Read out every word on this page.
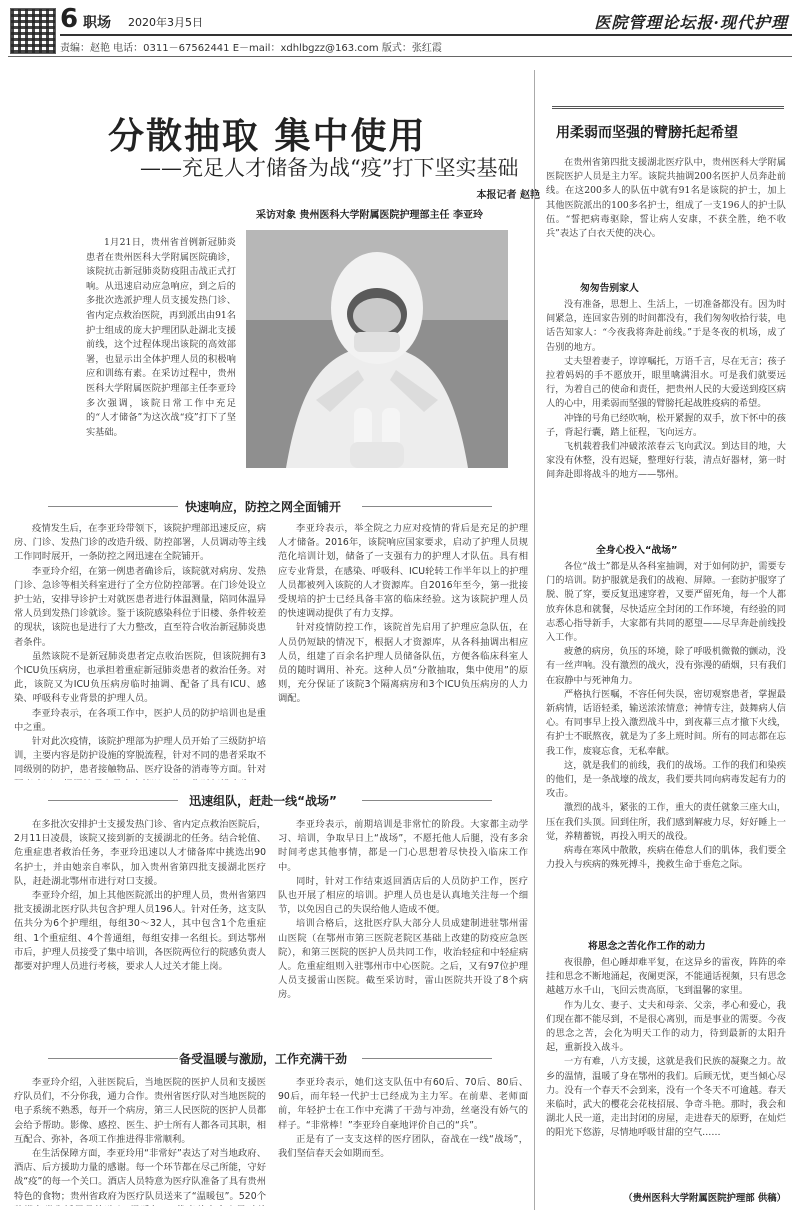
6 职场 2020年3月5日	医院管理论坛报·现代护理
责编：赵艳 电话：0311－67562441 E－mail：xdhlbgzz@163.com 版式：张红霞
分散抽取 集中使用
——充足人才储备为战“疫”打下坚实基础
本报记者 赵艳
采访对象 贵州医科大学附属医院护理部主任 李亚玲
1月21日，贵州省首例新冠肺炎患者在贵州医科大学附属医院确诊，该院抗击新冠肺炎防疫阻击战正式打响。从迅速启动应急响应，到之后的多批次选派护理人员支援发热门诊、省内定点救治医院，再到派出由91名护士组成的庞大护理团队赴湖北支援前线，这个过程体现出该院的高效部署，也显示出全体护理人员的积极响应和训练有素。在采访过程中，贵州医科大学附属医院护理部主任李亚玲多次强调，该院日常工作中充足的“人才储备”为这次战“疫”打下了坚实基础。
快速响应，防控之网全面铺开

疫情发生后，在李亚玲带领下，该院护理部迅速反应，病房、门诊、发热门诊的改造升级、防控部署，人员调动等主线工作同时展开，一条防控之网迅速在全院铺开。

李亚玲介绍，在第一例患者确诊后，该院就对病房、发热门诊、急诊等相关科室进行了全方位防控部署。在门诊处设立护士站，安排导诊护士对就医患者进行体温测量，陪同体温异常人员到发热门诊就诊。鉴于该院感染科位于旧楼、条件较差的现状，该院也是进行了大力整改，直至符合收治新冠肺炎患者条件。

虽然该院不是新冠肺炎患者定点收治医院，但该院拥有3个ICU负压病房，也承担着重症新冠肺炎患者的救治任务。对此，该院又为ICU负压病房临时抽调、配备了具有ICU、感染、呼吸科专业背景的护理人员。

李亚玲表示，在各项工作中，医护人员的防护培训也是重中之重。

针对此次疫情，该院护理部为护理人员开始了三级防护培训，主要内容是防护设施的穿脱流程，针对不同的患者采取不同级别的防护，患者接触物品、医疗设备的消毒等方面。针对

李亚玲表示，举全院之力应对疫情的背后是充足的护理人才储备。2016年，该院响应国家要求，启动了护理人员规范化培训计划，储备了一支强有力的护理人才队伍。具有相应专业背景，在感染、呼吸科、ICU轮转工作半年以上的护理人员都被列入该院的人才资源库。自2016年至今，第一批接受规培的护士已经具备丰富的临床经验。这为该院护理人员的快速调动提供了有力支撑。

针对疫情防控工作，该院首先启用了护理应急队伍，在人员仍短缺的情况下，根据人才资源库，从各科抽调出相应人员，组建了百余名护理人员储备队伍，方便各临床科室人员的随时调用、补充。这种人员“分散抽取，集中使用”的原则，充分保证了该院3个隔离病房和3个ICU负压病房的人力调配。

迅速组队，赶赴一线“战场”

在多批次安排护士支援发热门诊、省内定点救治医院后，2月11日凌晨，该院又接到新的支援湖北的任务。结合轮值、危重症患者救治任务，李亚玲迅速以人才储备库中挑选出90名护士，并由她亲自率队，加入贵州省第四批支援湖北医疗队，赶赴湖北鄂州市进行对口支援。

李亚玲介绍，加上其他医院派出的护理人员，贵州省第四批支援湖北医疗队共包含护理人员196人。针对任务，这支队伍共分为6个护理组，每组30～32人，其中包含1个危重症组、1个重症组、4个普通组，每组安排一名组长。到达鄂州市后，护理人员接受了集中培训，各医院两位行的院感负责人都要对护理人员进行考核，要求人人过关才能上岗。

李亚玲表示，前期培训是非常忙的阶段。大家都主动学习、培训，争取早日上“战场”，不愿托他人后腿，没有多余时间考虑其他事情，都是一门心思想着尽快投入临床工作中。

同时，针对工作结束返回酒店后的人员防护工作，医疗队也开展了相应的培训。护理人员也是认真地关注每一个细节，以免因自己的失误给他人造成不便。

培训合格后，这批医疗队大部分人员成建制进驻鄂州雷山医院（在鄂州市第三医院老院区基础上改建的防疫应急医院），和第三医院的医护人员共同工作，收治轻症和中轻症病人。危重症组则入驻鄂州市中心医院。之后，又有97位护理人员支援雷山医院。截至采访时，雷山医院共开设了8个病房。

备受温暖与激励，工作充满干劲

李亚玲介绍，入驻医院后，当地医院的医护人员和支援医疗队员们，不分你我，通力合作。贵州省医疗队对当地医院的电子系统不熟悉，每开一个病房，第三人民医院的医护人员都会给予帮助。影像、感控、医生、护士所有人都各司其职，相互配合、弥补，各项工作推进得非常顺利。

在生活保障方面，李亚玲用“非常好”表达了对当地政府、酒店、后方援助力量的感谢。每一个环节都在尽己所能，守好战“疫”的每一个关口。酒店人员特意为医疗队准备了具有贵州特色的食物；贵州省政府为医疗队员送来了“温暖包”。520个

李亚玲表示，她们这支队伍中有60后、70后、80后、90后，而年轻一代护士已经成为主力军。在前辈、老师面前，年轻护士在工作中充满了干劲与冲劲，丝毫没有娇气的样子。“非常棒！”李亚玲自豪地评价自己的“兵”。

正是有了一支支这样的医疗团队，奋战在一线“战场”，我们坚信春天会如期而至。

用柔弱而坚强的臂膀托起希望

在贵州省第四批支援湖北医疗队中，贵州医科大学附属医院医护人员是主力军。该院共抽调200名医护人员奔赴前线。在这200多人的队伍中就有91名是该院的护士，加上其他医院派出的100多名护士，组成了一支196人的护士队伍。“誓把病毒驱除，誓让病人安康，不获全胜，绝不收兵”表达了白衣天使的决心。

匆匆告别家人

没有准备，思想上、生活上，一切准备都没有。因为时间紧急，连回家告别的时间都没有，我们匆匆收拾行装，电话告知家人：“今夜我将奔赴前线。”于是冬夜的机场，成了告别的地方。

丈夫望着妻子，谆谆嘱托，万语千言，尽在无言；孩子拉着妈妈的手不愿放开，眼里噙满泪水。可是我们就要远行，为着自己的使命和责任，把贵州人民的大爱送到疫区病人的心中，用柔弱而坚强的臂膀托起战胜疫病的希望。

冲锋的号角已经吹响，松开紧握的双手，放下怀中的孩子，背起行囊，踏上征程，飞向远方。

飞机载着我们冲破浓浓春云飞向武汉。到达目的地，大家没有休整，没有迟疑，整理好行装，清点好器材，第一时间奔赴即将战斗的地方——鄂州。

全身心投入“战场”

各位“战士”都是从各科室抽调，对于如何防护，需要专门的培训。防护服就是我们的战袍、屏障。一套防护服穿了脱、脱了穿，要反复迅速穿着，又要严留死角，每一个人都放弃休息和就餐，尽快适应全封闭的工作环境，有经验的同志悉心指导新手，大家都有共同的愿望——尽早奔赴前线投入工作。

疲惫的病房，负压的环境，除了呼吸机微微的颤动，没有一丝声响。没有激烈的战火，没有弥漫的硝烟，只有我们在寂静中与死神角力。

严格执行医嘱，不容任何失误，密切观察患者，掌握最新病情，话语轻柔，输送浓浓情意；神情专注，鼓舞病人信心。有同事早上投入激烈战斗中，到夜幕三点才撤下火线，有护士不眠熬夜，就是为了多上班时间。所有的同志都在忘我工作，废寝忘食，无私奉献。

这，就是我们的前线，我们的战场。工作的我们和染疾的他们，是一条战壕的战友，我们要共同向病毒发起有力的攻击。

激烈的战斗，紧张的工作，重大的责任就象三座大山，压在我们头顶。回到住所，我们感到解疲力尽，好好睡上一觉，养精蓄锐，再投入明天的战役。

病毒在寒风中散散，疾病在倦怠人们的肌体，我们要全力投入与疾病的殊死搏斗，挽救生命于垂危之际。

将思念之苦化作工作的动力

夜很静，但心睡却难平复，在这异乡的雷夜，阵阵的牵挂和思念不断地涌起，夜阑更深，不能通话视频，只有思念越越万水千山，飞回云贵高原，飞到温馨的家里。

作为儿女、妻子、丈夫和母亲、父亲，孝心和爱心，我们现在都不能尽到，不是很心离别，而是事业的需要。今夜的思念之苦，会化为明天工作的动力，待到最新的太阳升起，重新投入战斗。

一方有难，八方支援，这就是我们民族的凝聚之力。故乡的温情，温暖了身在鄂州的我们。后顾无忧，更当倾心尽力。没有一个春天不会到来，没有一个冬天不可逾越。春天来临时，武大的樱花会花枝招展、争奇斗艳。那时，我会和湖北人民一道，走出封闭的房屋，走进春天的原野，在灿烂的阳光下悠游，尽情地呼吸甘甜的空气……

（贵州医科大学附属医院护理部 供稿）
